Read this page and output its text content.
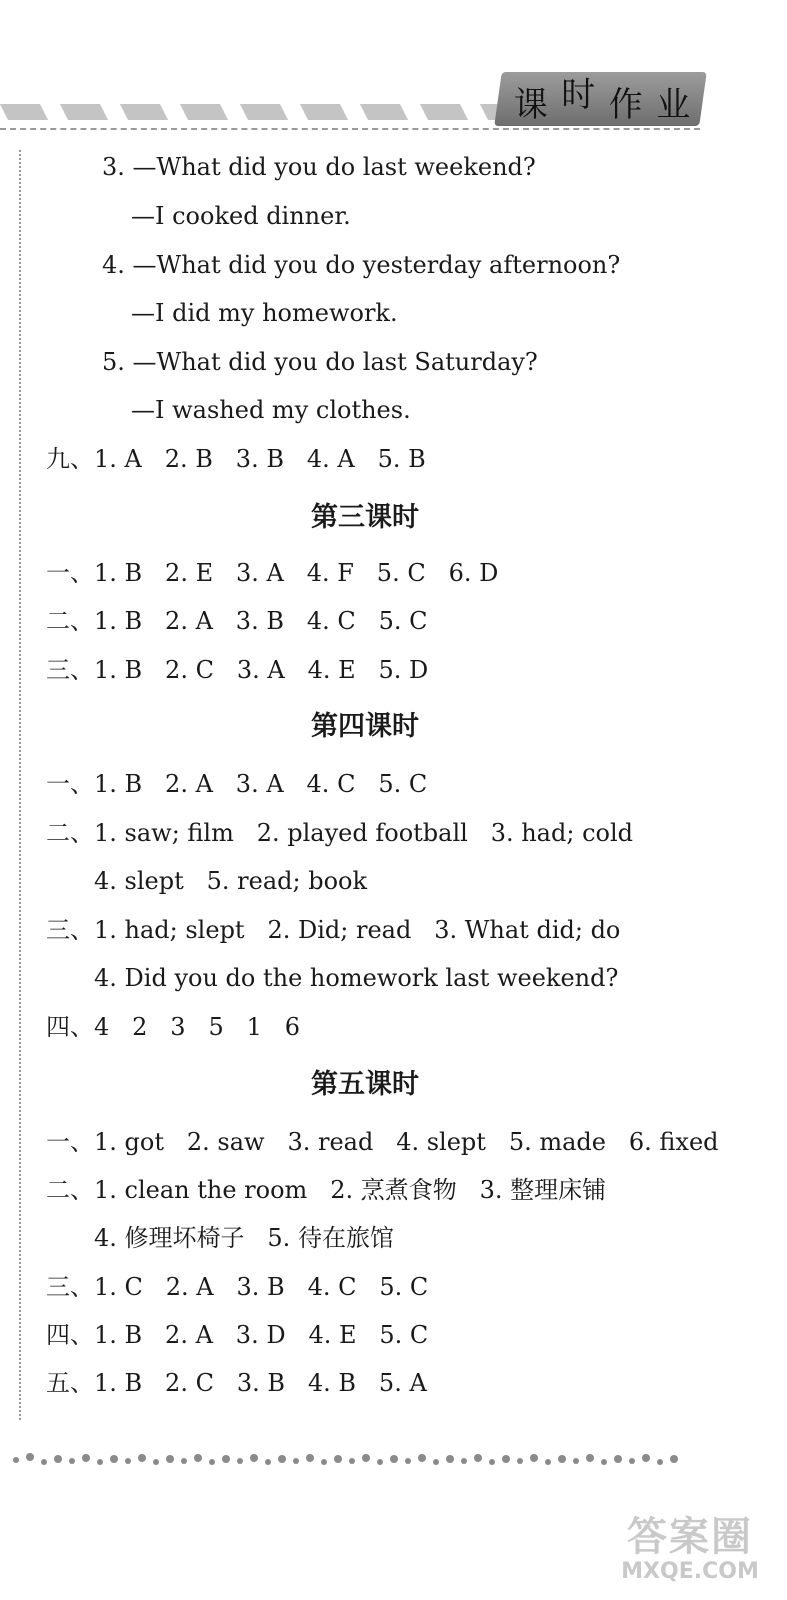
课 时 作 业
3. —What did you do last weekend?
—I cooked dinner.
4. —What did you do yesterday afternoon?
—I did my homework.
5. —What did you do last Saturday?
—I washed my clothes.
九、1. A   2. B   3. B   4. A   5. B
第三课时
一、1. B   2. E   3. A   4. F   5. C   6. D
二、1. B   2. A   3. B   4. C   5. C
三、1. B   2. C   3. A   4. E   5. D
第四课时
一、1. B   2. A   3. A   4. C   5. C
二、1. saw; film   2. played football   3. had; cold
4. slept   5. read; book
三、1. had; slept   2. Did; read   3. What did; do
4. Did you do the homework last weekend?
四、4   2   3   5   1   6
第五课时
一、1. got   2. saw   3. read   4. slept   5. made   6. fixed
二、1. clean the room   2. 烹煮食物   3. 整理床铺
4. 修理坏椅子   5. 待在旅馆
三、1. C   2. A   3. B   4. C   5. C
四、1. B   2. A   3. D   4. E   5. C
五、1. B   2. C   3. B   4. B   5. A
答案圈
MXQE.COM
